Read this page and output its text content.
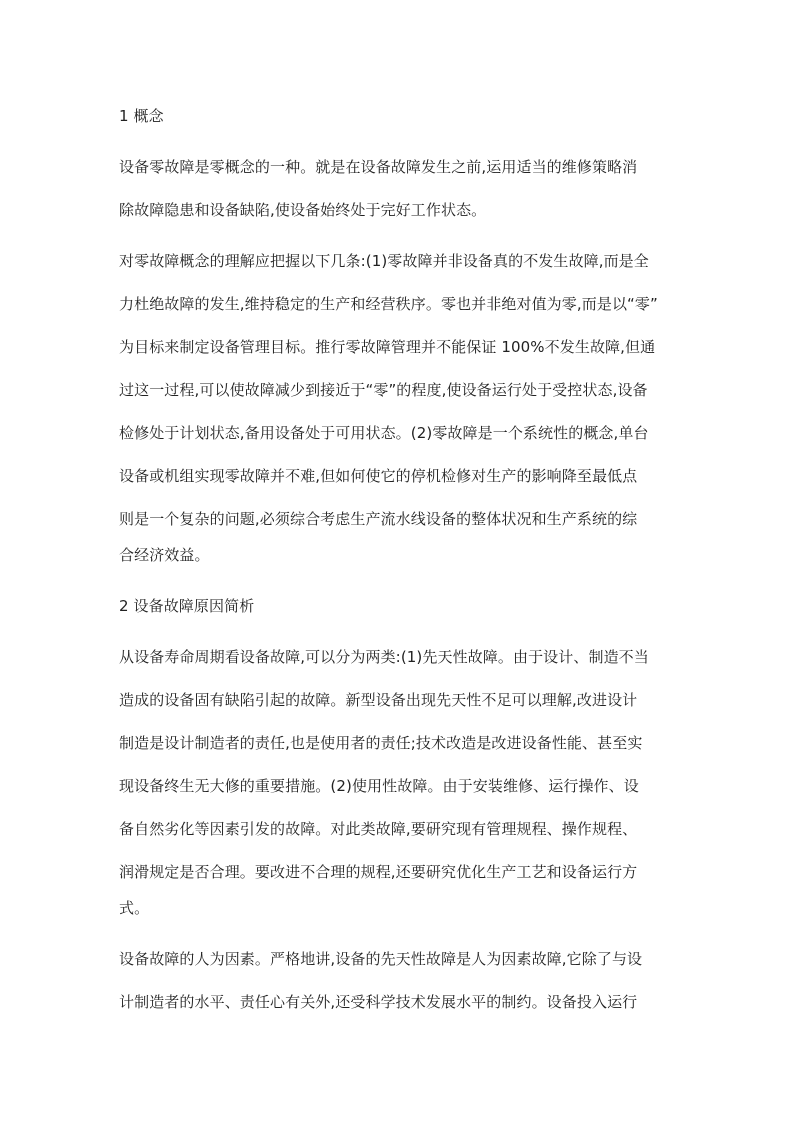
1 概念
设备零故障是零概念的一种。就是在设备故障发生之前,运用适当的维修策略消
除故障隐患和设备缺陷,使设备始终处于完好工作状态。
对零故障概念的理解应把握以下几条:(1)零故障并非设备真的不发生故障,而是全
力杜绝故障的发生,维持稳定的生产和经营秩序。零也并非绝对值为零,而是以“零”
为目标来制定设备管理目标。推行零故障管理并不能保证 100%不发生故障,但通
过这一过程,可以使故障减少到接近于“零”的程度,使设备运行处于受控状态,设备
检修处于计划状态,备用设备处于可用状态。(2)零故障是一个系统性的概念,单台
设备或机组实现零故障并不难,但如何使它的停机检修对生产的影响降至最低点
则是一个复杂的问题,必须综合考虑生产流水线设备的整体状况和生产系统的综
合经济效益。
2 设备故障原因简析
从设备寿命周期看设备故障,可以分为两类:(1)先天性故障。由于设计、制造不当
造成的设备固有缺陷引起的故障。新型设备出现先天性不足可以理解,改进设计
制造是设计制造者的责任,也是使用者的责任;技术改造是改进设备性能、甚至实
现设备终生无大修的重要措施。(2)使用性故障。由于安装维修、运行操作、设
备自然劣化等因素引发的故障。对此类故障,要研究现有管理规程、操作规程、
润滑规定是否合理。要改进不合理的规程,还要研究优化生产工艺和设备运行方
式。
设备故障的人为因素。严格地讲,设备的先天性故障是人为因素故障,它除了与设
计制造者的水平、责任心有关外,还受科学技术发展水平的制约。设备投入运行
